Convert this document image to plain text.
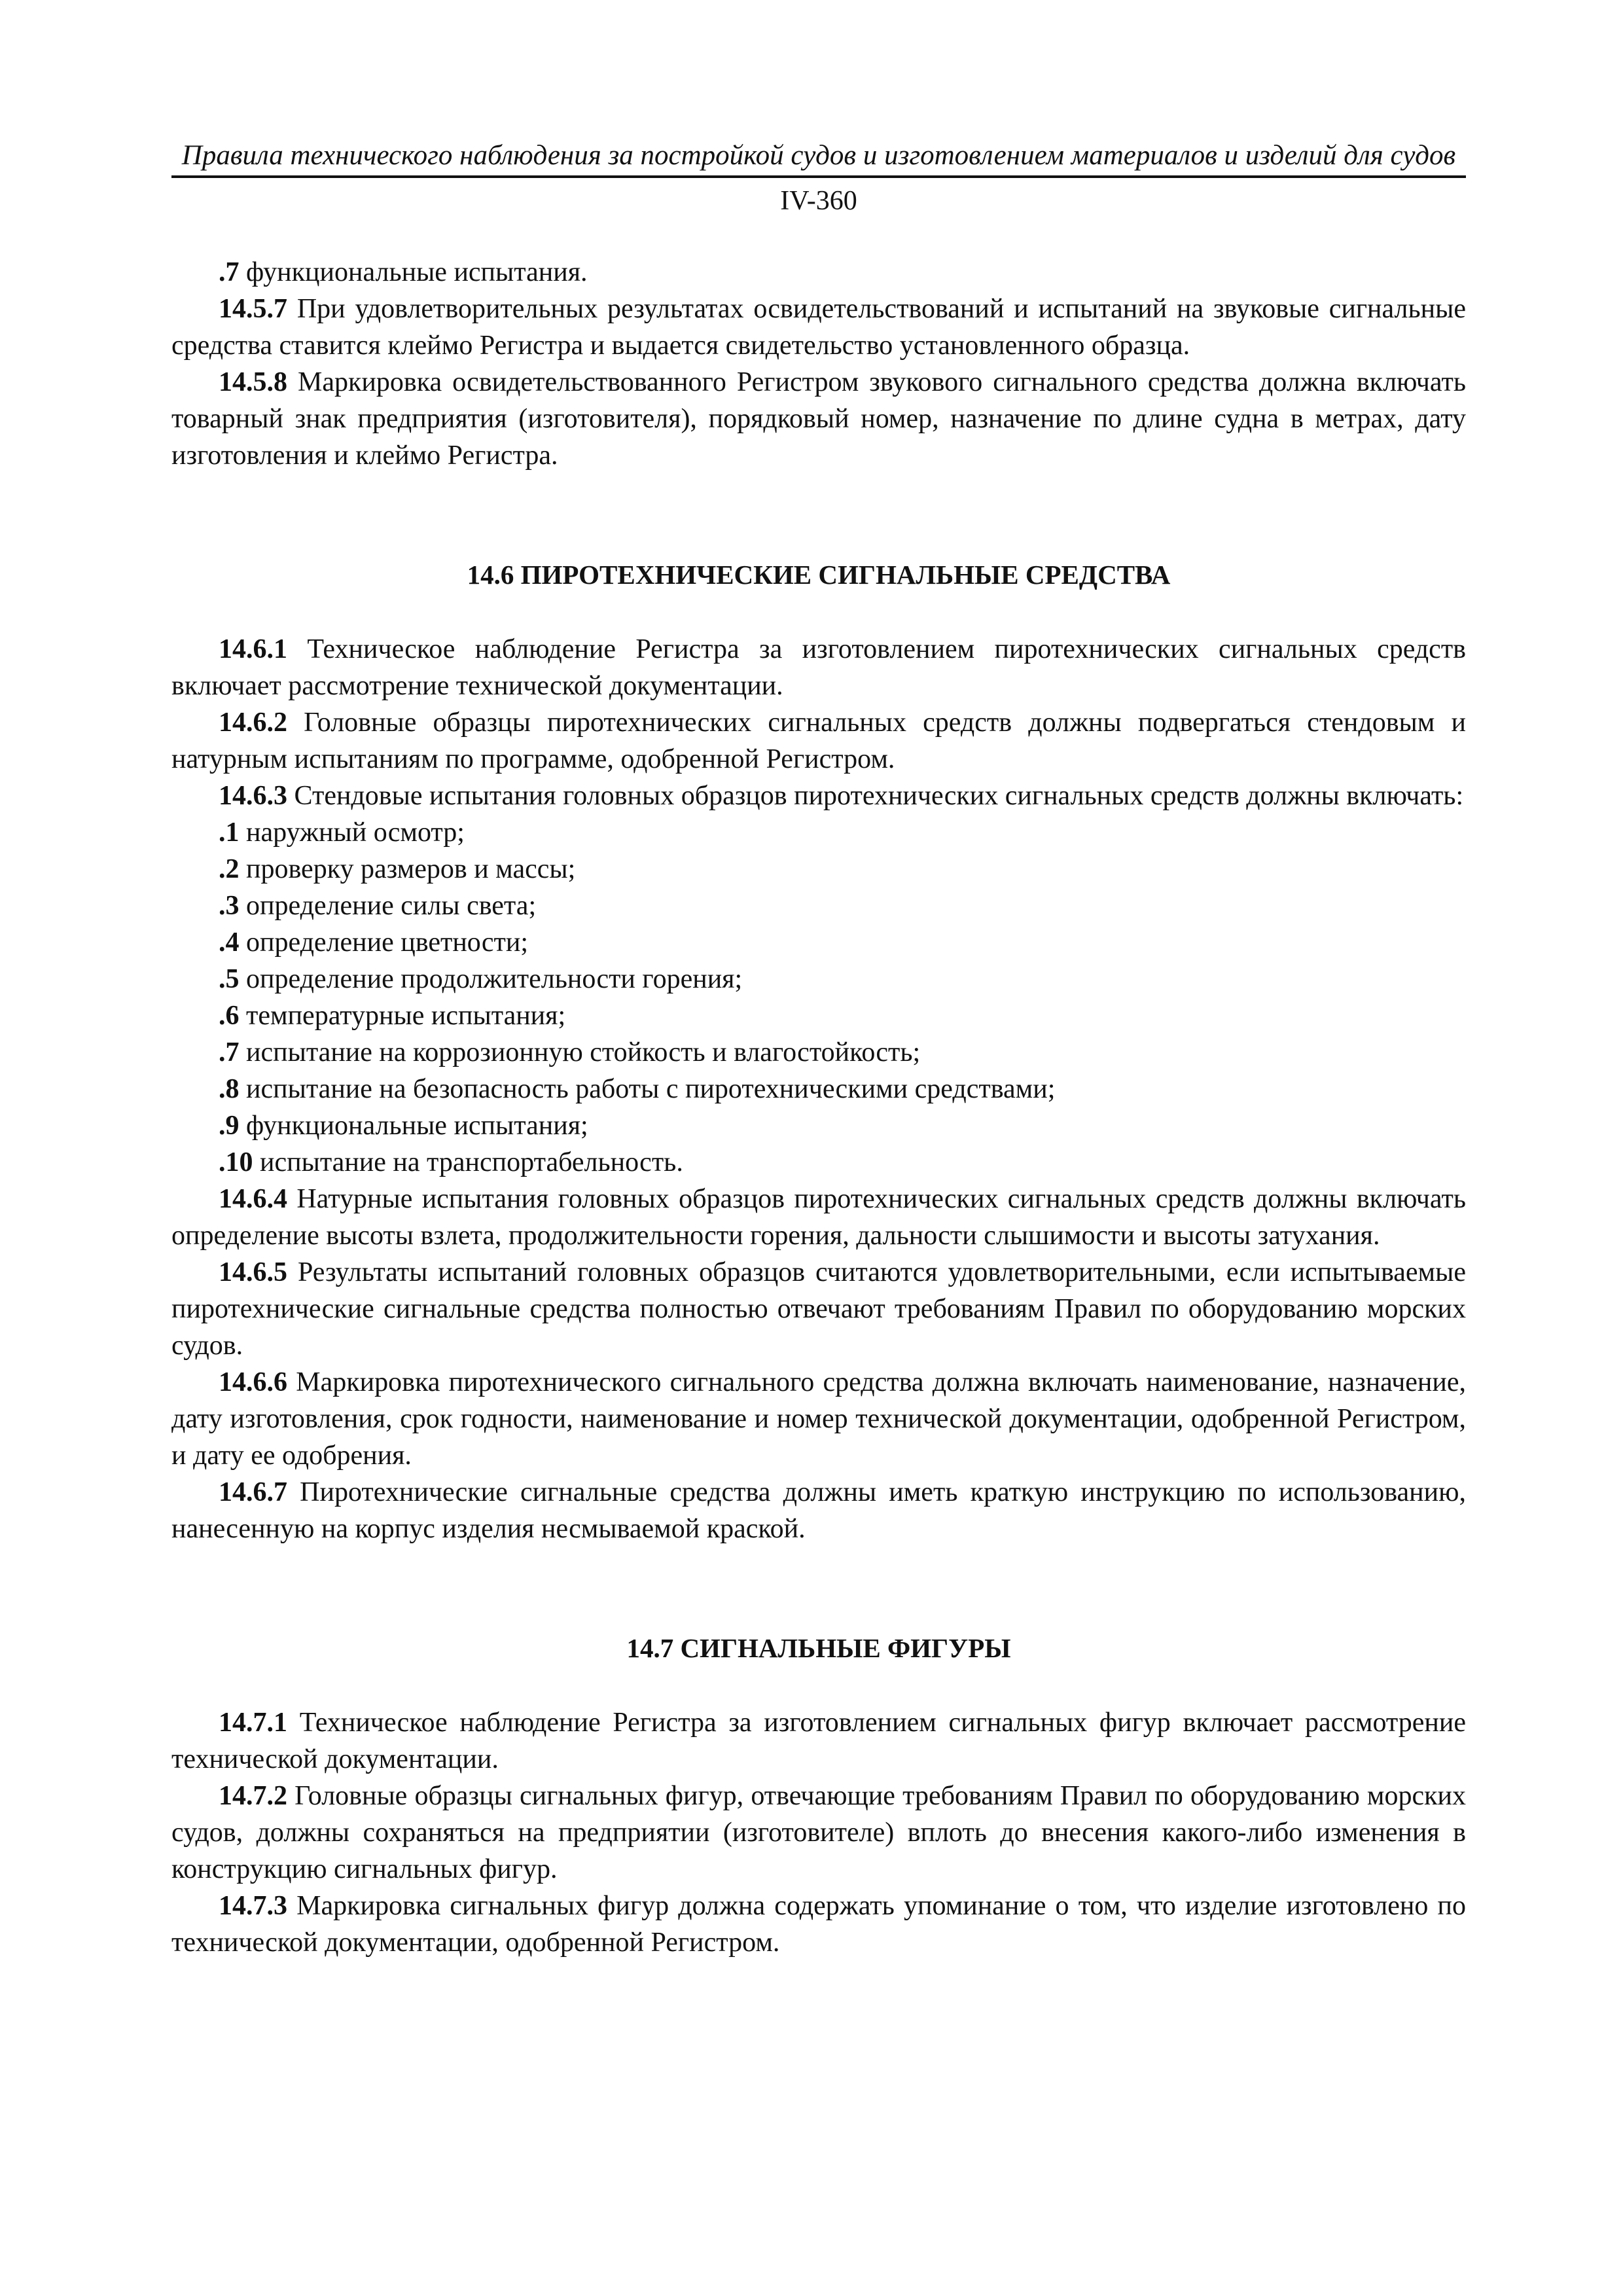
Правила технического наблюдения за постройкой судов и изготовлением материалов и изделий для судов
IV-360

.7 функциональные испытания.

14.5.7 При удовлетворительных результатах освидетельствований и испытаний на звуковые сигнальные средства ставится клеймо Регистра и выдается свидетельство установленного образца.

14.5.8 Маркировка освидетельствованного Регистром звукового сигнального средства должна включать товарный знак предприятия (изготовителя), порядковый номер, назначение по длине судна в метрах, дату изготовления и клеймо Регистра.

14.6 ПИРОТЕХНИЧЕСКИЕ СИГНАЛЬНЫЕ СРЕДСТВА

14.6.1 Техническое наблюдение Регистра за изготовлением пиротехнических сигнальных средств включает рассмотрение технической документации.

14.6.2 Головные образцы пиротехнических сигнальных средств должны подвергаться стендовым и натурным испытаниям по программе, одобренной Регистром.

14.6.3 Стендовые испытания головных образцов пиротехнических сигнальных средств должны включать:

.1 наружный осмотр;

.2 проверку размеров и массы;

.3 определение силы света;

.4 определение цветности;

.5 определение продолжительности горения;

.6 температурные испытания;

.7 испытание на коррозионную стойкость и влагостойкость;

.8 испытание на безопасность работы с пиротехническими средствами;

.9 функциональные испытания;

.10 испытание на транспортабельность.

14.6.4 Натурные испытания головных образцов пиротехнических сигнальных средств должны включать определение высоты взлета, продолжительности горения, дальности слышимости и высоты затухания.

14.6.5 Результаты испытаний головных образцов считаются удовлетворительными, если испытываемые пиротехнические сигнальные средства полностью отвечают требованиям Правил по оборудованию морских судов.

14.6.6 Маркировка пиротехнического сигнального средства должна включать наименование, назначение, дату изготовления, срок годности, наименование и номер технической документации, одобренной Регистром, и дату ее одобрения.

14.6.7 Пиротехнические сигнальные средства должны иметь краткую инструкцию по использованию, нанесенную на корпус изделия несмываемой краской.

14.7 СИГНАЛЬНЫЕ ФИГУРЫ

14.7.1 Техническое наблюдение Регистра за изготовлением сигнальных фигур включает рассмотрение технической документации.

14.7.2 Головные образцы сигнальных фигур, отвечающие требованиям Правил по оборудованию морских судов, должны сохраняться на предприятии (изготовителе) вплоть до внесения какого-либо изменения в конструкцию сигнальных фигур.

14.7.3 Маркировка сигнальных фигур должна содержать упоминание о том, что изделие изготовлено по технической документации, одобренной Регистром.
